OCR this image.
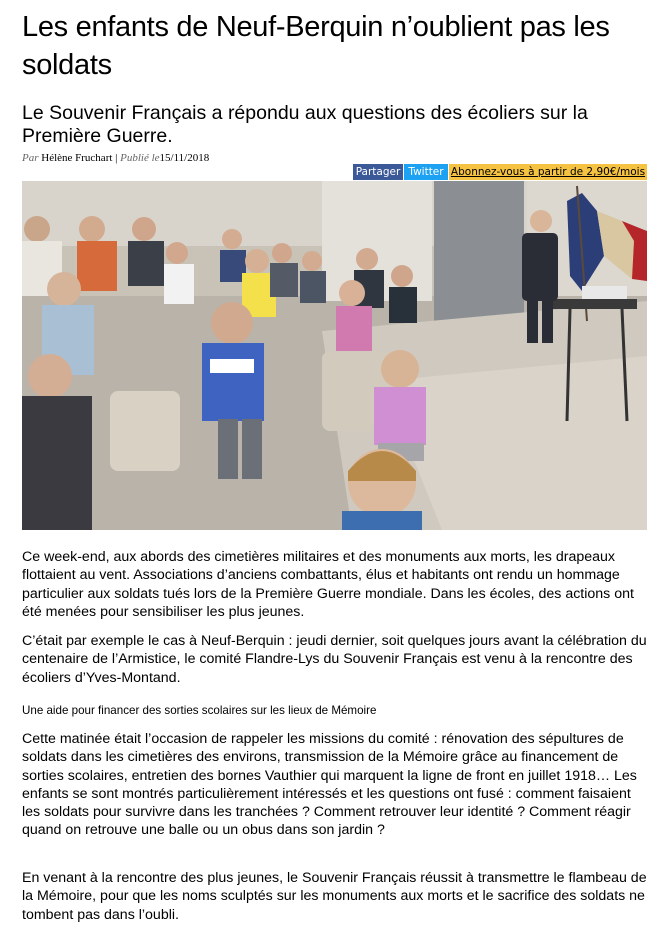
Les enfants de Neuf-Berquin n’oublient pas les soldats
Le Souvenir Français a répondu aux questions des écoliers sur la Première Guerre.
Par Hélène Fruchart | Publié le15/11/2018
Partager Twitter Abonnez-vous à partir de 2,90€/mois

Ce week-end, aux abords des cimetières militaires et des monuments aux morts, les drapeaux flottaient au vent. Associations d’anciens combattants, élus et habitants ont rendu un hommage particulier aux soldats tués lors de la Première Guerre mondiale. Dans les écoles, des actions ont été menées pour sensibiliser les plus jeunes.

C’était par exemple le cas à Neuf-Berquin : jeudi dernier, soit quelques jours avant la célébration du centenaire de l’Armistice, le comité Flandre-Lys du Souvenir Français est venu à la rencontre des écoliers d’Yves-Montand.

Une aide pour financer des sorties scolaires sur les lieux de Mémoire

Cette matinée était l’occasion de rappeler les missions du comité : rénovation des sépultures de soldats dans les cimetières des environs, transmission de la Mémoire grâce au financement de sorties scolaires, entretien des bornes Vauthier qui marquent la ligne de front en juillet 1918… Les enfants se sont montrés particulièrement intéressés et les questions ont fusé : comment faisaient les soldats pour survivre dans les tranchées ? Comment retrouver leur identité ? Comment réagir quand on retrouve une balle ou un obus dans son jardin ?

En venant à la rencontre des plus jeunes, le Souvenir Français réussit à transmettre le flambeau de la Mémoire, pour que les noms sculptés sur les monuments aux morts et le sacrifice des soldats ne tombent pas dans l’oubli.
